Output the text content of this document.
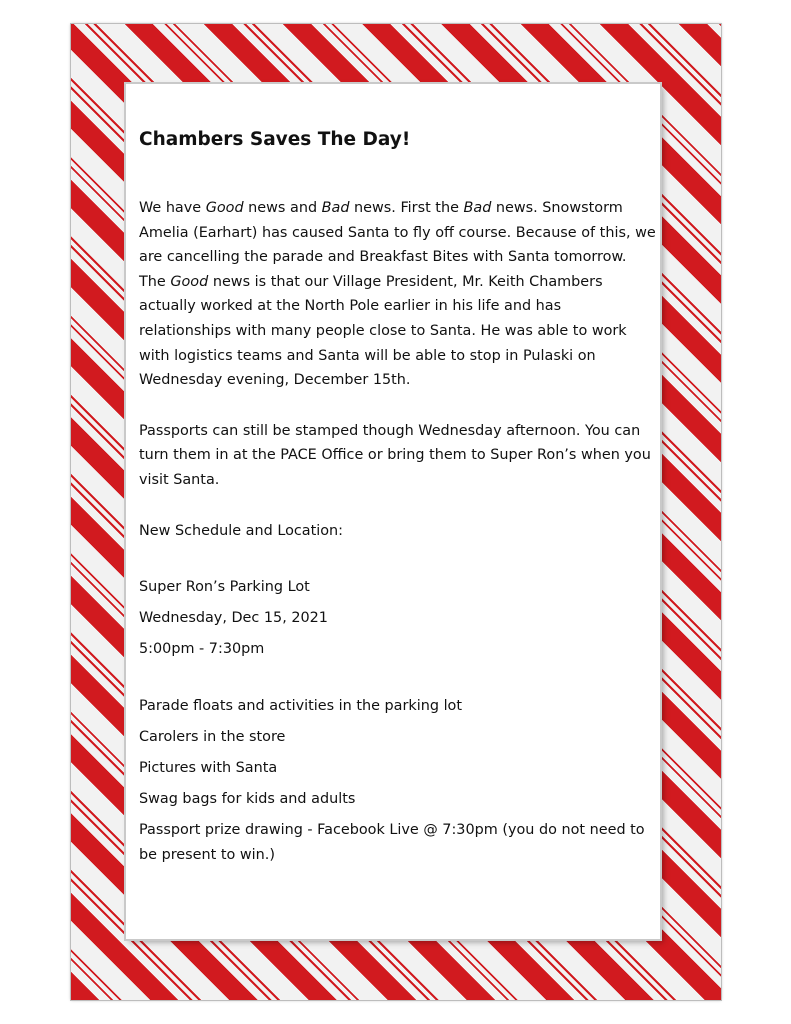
Chambers Saves The Day!
We have Good news and Bad news. First the Bad news. Snowstorm Amelia (Earhart) has caused Santa to fly off course. Because of this, we are cancelling the parade and Breakfast Bites with Santa tomorrow. The Good news is that our Village President, Mr. Keith Chambers actually worked at the North Pole earlier in his life and has relationships with many people close to Santa. He was able to work with logistics teams and Santa will be able to stop in Pulaski on Wednesday evening, December 15th.
Passports can still be stamped though Wednesday afternoon. You can turn them in at the PACE Office or bring them to Super Ron’s when you visit Santa.
New Schedule and Location:
Super Ron’s Parking Lot
Wednesday, Dec 15, 2021
5:00pm - 7:30pm
Parade floats and activities in the parking lot
Carolers in the store
Pictures with Santa
Swag bags for kids and adults
Passport prize drawing - Facebook Live @ 7:30pm (you do not need to be present to win.)
